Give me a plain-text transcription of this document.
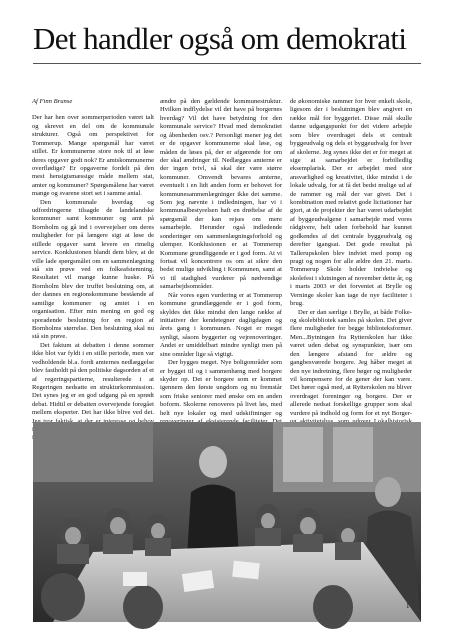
Det handler også om demokrati

Af Finn Brunse

Der har hen over sommerperioden været talt og skrevet en del om de kommunale strukturer. Også om perspektivet for Tommerup. Mange spørgsmål har været stillet. Er kommunerne store nok til at løse deres opgaver godt nok? Er amtskommunerne overflødige? Er opgaverne fordelt på den mest hensigtsmæssige måde mellem stat, amter og kommuner? Spørgsmålene har været mange og svarene stort set i samme antal.

Den kommunale hverdag og udfordringerne tilsagde de landelandske kommuner samt kommuner og amt på Bornholm og gå ind i overvejelser om deres muligheder for på længere sigt at løse de stillede opgaver samt levere en rimelig service. Konklusionen blandt dem blev, at de ville lade spørgsmålet om en sammenlægning stå sin prøve ved en folkeafstemning. Resultatet vil mange kunne huske. På Bornholm blev der truffet beslutning om, at der dannes en regionskommune bestående af samtlige kommuner og amtet i en organisation. Efter min mening en god og sporadende beslutning for en region af Bornholms størrelse. Den beslutning skal nu stå sin prøve.

Det faktum at debatten i denne sommer ikke blot var fyldt i en stille periode, men var vedholdende bl.a. fordi amternes nedlæggelse blev fastholdt på den politiske dagsorden af et af regeringspartierne, resulterede i at Regeringen nedsatte en strukturkommission. Det synes jeg er en god udgang på en sprødt debat. Hidtil er debatten overvejende foregået mellem eksperter. Det har ikke blive ved det.

ændre på den gældende kommunestruktur. Hvilken indflydelse vil det have på borgernes hverdag? Vil det have betydning for den kommunale service? Hvad med demokratiet og åbenheden osv.? Personligt mener jeg det er de opgaver kommunerne skal løse, og måden de løses på, der er afgørende for om der skal ændringer til. Nedlægges amterne er der ingen tvivl, så skal der være større kommuner. Omvendt bevares amterne, eventuelt i en lidt anden form er behovet for kommunesammenlægninger ikke det samme. Som jeg nævnte i indledningen, har vi i kommunalbestyrelsen haft en drøftelse af de spørgsmål der kan rejses om mere samarbejde. Herunder også indledende sonderinger om sammenlægningsforhold og ulemper. Konklusionen er at Tommerup Kommune grundliggende er i god form. At vi fortsat vil koncentrere os om at sikre den bedst mulige udvikling i Kommunen, samt at vi til stadighed vurderer på nødvendige samarbejdsområder.

Når vores egen vurdering er at Tommerup kommune grundlæggende er i god form, skyldes det ikke mindst den lange række af initiativer der kendetegner dagligdagen og årets gang i kommunen. Noget er meget synligt, såsom byggerier og vejrenoveringer. Andet er umiddelbart mindre synligt men på sine områder lige så vigtigt.

Der bygges meget. Nye boligområder som er bygget til og i sammenhæng med borgere skyder op. Det er borgere som er kommet igennem den første ungdom og nu fremstår som friske seniorer med ønske om en anden boform. Skolerne renoveres på livet løs, med helt nye lokaler og med udskiftninger og

de økonomiske rammer for hver enkelt skole, ligesom der i beslutningen blev angivet en række mål for byggeriet. Disse mål skulle danne udgangspunkt for det videre arbejde som blev overdraget dels et centralt byggeudvalg og dels et byggeudvalg for hver af skolerne. Jeg synes ikke det er for meget at sige at samarbejdet er forbilledlig eksemplarisk. Der er arbejdet med stor ansvarlighed og kreativitet, ikke mindst i de lokale udvalg, for at få det bedst mulige ud af de rammer og mål der var givet. Det i kombination med relativt gode licitationer har gjort, at de projekter der har været udarbejdet af byggeudvalgene i samarbejde med vores rådgivere, helt uden forbehold har kunnet godkendes af det centrale byggeudvalg og derefter igangsat. Det gode resultat på Tallerupskolen blev indviet med pomp og pragt og nogen for alle ældre den 21. marts. Tommerup Skole holder indvielse og skolefest i slutningen af november dette år, og i marts 2003 er det forventet at Brylle og Verninge skoler kan tage de nye faciliteter i brug.

Der er dan særlige i Brylle, at både Folke- og skolebibliotek samles på skolen. Det giver flere muligheder for begge biblioteksformer. Men...Bytningen fra Rytterskolen har ikke været uden debat og synspunkter, især om den længere afstand for ældre og gangbesværede borgere. Jeg håber meget at den nye indretning, flere bøger og muligheder vil kompensere for de gener der kan være. Det hører også med, at Rytterskolen nu bliver overdraget foreninger og borgere. Der er allerede nedsat forskellige grupper som skal vurdere på indhold og form for et nyt Borger-

1
